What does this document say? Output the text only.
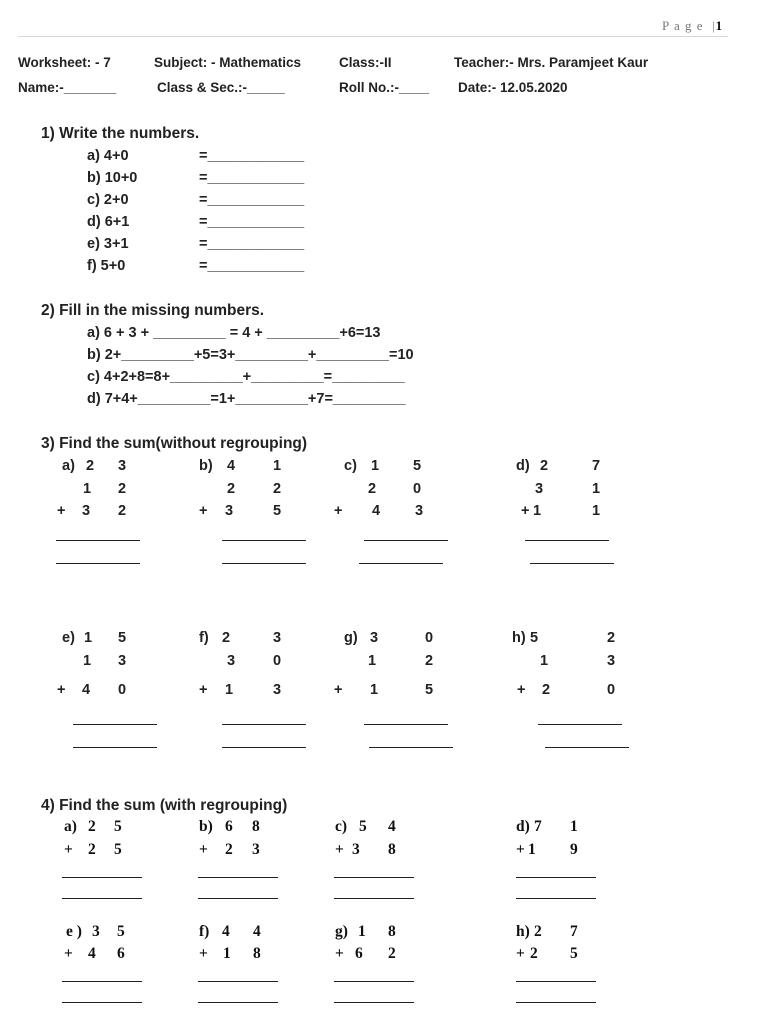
P a g e  |1
Worksheet: - 7	Subject: - Mathematics	Class:-II	Teacher:- Mrs. Paramjeet Kaur
Name:-_______	Class & Sec.:-_____	Roll No.:-____ Date:- 12.05.2020
1) Write the numbers.
a) 4+0	=____________
b) 10+0	=____________
c) 2+0	=____________
d) 6+1	=____________
e) 3+1	=____________
f) 5+0	=____________
2) Fill in the missing numbers.
a) 6 + 3 + _________ = 4 + _________+6=13
b) 2+_________+5=3+_________+_________=10
c) 4+2+8=8+_________+_________=_________
d) 7+4+_________=1+_________+7=_________
3) Find the sum(without regrouping)
a) 2 3
1 2
+ 3 2
b) 4	1
2	2
+ 3	5
c) 1 5
2	0
+ 4 3
d) 2	7
3	1
+ 1	1
e) 1 5
1 3
+ 4 0
f) 2	3
3	0
+ 1	3
g) 3	0
1	2
+ 1	5
h) 5	2
1	3
+ 2	0
4) Find the sum (with regrouping)
a) 2 5
+ 2 5
b) 6 8
+ 2 3
c) 5 4
+ 3 8
d) 7 1
+ 1 9
e ) 3 5
+ 4 6
f) 4 4
+ 1 8
g) 1 8
+ 6 2
h) 2 7
+ 2 5
